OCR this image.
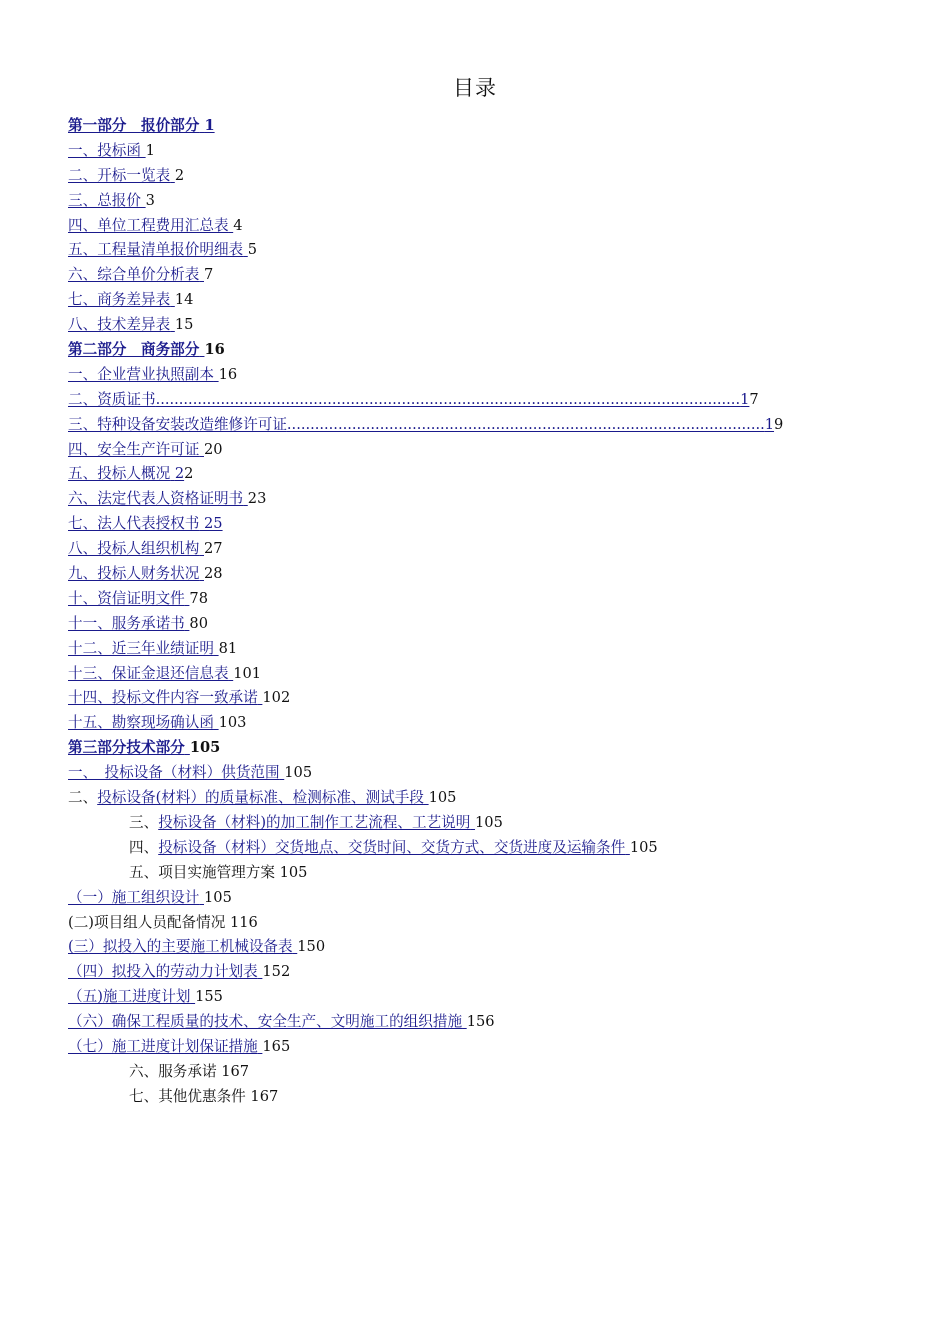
目录
第一部分　报价部分 1
一、投标函 1
二、开标一览表 2
三、总报价 3
四、单位工程费用汇总表 4
五、工程量清单报价明细表 5
六、综合单价分析表 7
七、商务差异表 14
八、技术差异表 15
第二部分　商务部分 16
一、企业营业执照副本 16
二、资质证书..............................................................................................................................17
三、特种设备安装改造维修许可证.......................................................................................................19
四、安全生产许可证 20
五、投标人概况 22
六、法定代表人资格证明书 23
七、法人代表授权书 25
八、投标人组织机构 27
九、投标人财务状况 28
十、资信证明文件 78
十一、服务承诺书 80
十二、近三年业绩证明 81
十三、保证金退还信息表 101
十四、投标文件内容一致承诺 102
十五、勘察现场确认函 103
第三部分技术部分 105
一、　投标设备（材料）供货范围 105
二、投标设备(材料）的质量标准、检测标准、测试手段 105
三、投标设备（材料)的加工制作工艺流程、工艺说明 105
四、投标设备（材料）交货地点、交货时间、交货方式、交货进度及运输条件 105
五、项目实施管理方案 105
（一）施工组织设计 105
(二)项目组人员配备情况 116
(三）拟投入的主要施工机械设备表 150
（四）拟投入的劳动力计划表 152
（五)施工进度计划 155
（六）确保工程质量的技术、安全生产、文明施工的组织措施 156
（七）施工进度计划保证措施 165
六、服务承诺 167
七、其他优惠条件 167
